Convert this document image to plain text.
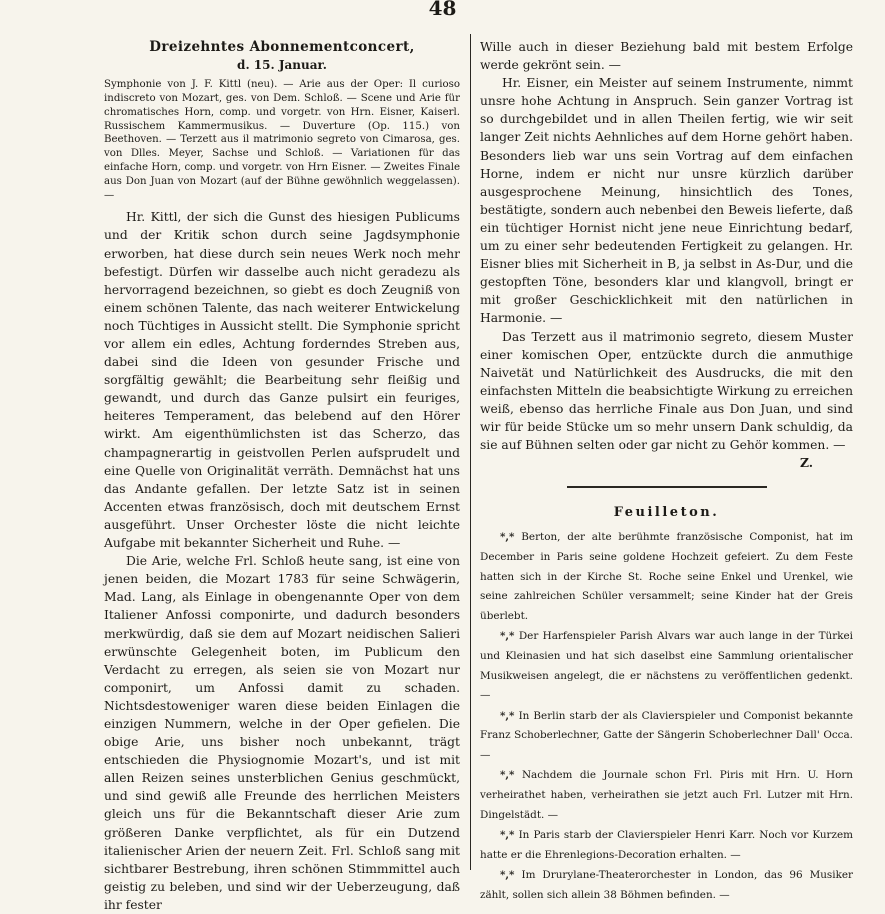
48

Dreizehntes Abonnementconcert,

d. 15. Januar.

Symphonie von J. F. Kittl (neu). — Arie aus der Oper: Il curioso indiscreto von Mozart, ges. von Dem. Schloß. — Scene und Arie für chromatisches Horn, comp. und vorgetr. von Hrn. Eisner, Kaiserl. Russischem Kammermusikus. — Duverture (Op. 115.) von Beethoven. — Terzett aus il matrimonio segreto von Cimarosa, ges. von Dlles. Meyer, Sachse und Schloß. — Variationen für das einfache Horn, comp. und vorgetr. von Hrn Eisner. — Zweites Finale aus Don Juan von Mozart (auf der Bühne gewöhnlich weggelassen). —

Hr. Kittl, der sich die Gunst des hiesigen Publicums und der Kritik schon durch seine Jagdsymphonie erworben, hat diese durch sein neues Werk noch mehr befestigt. Dürfen wir dasselbe auch nicht geradezu als hervorragend bezeichnen, so giebt es doch Zeugniß von einem schönen Talente, das nach weiterer Entwickelung noch Tüchtiges in Aussicht stellt. Die Symphonie spricht vor allem ein edles, Achtung forderndes Streben aus, dabei sind die Ideen von gesunder Frische und sorgfältig gewählt; die Bearbeitung sehr fleißig und gewandt, und durch das Ganze pulsirt ein feuriges, heiteres Temperament, das belebend auf den Hörer wirkt. Am eigenthümlichsten ist das Scherzo, das champagnerartig in geistvollen Perlen aufsprudelt und eine Quelle von Originalität verräth. Demnächst hat uns das Andante gefallen. Der letzte Satz ist in seinen Accenten etwas französisch, doch mit deutschem Ernst ausgeführt. Unser Orchester löste die nicht leichte Aufgabe mit bekannter Sicherheit und Ruhe. —

Die Arie, welche Frl. Schloß heute sang, ist eine von jenen beiden, die Mozart 1783 für seine Schwägerin, Mad. Lang, als Einlage in obengenannte Oper von dem Italiener Anfossi componirte, und dadurch besonders merkwürdig, daß sie dem auf Mozart neidischen Salieri erwünschte Gelegenheit boten, im Publicum den Verdacht zu erregen, als seien sie von Mozart nur componirt, um Anfossi damit zu schaden. Nichtsdestoweniger waren diese beiden Einlagen die einzigen Nummern, welche in der Oper gefielen. Die obige Arie, uns bisher noch unbekannt, trägt entschieden die Physiognomie Mozart's, und ist mit allen Reizen seines unsterblichen Genius geschmückt, und sind gewiß alle Freunde des herrlichen Meisters gleich uns für die Bekanntschaft dieser Arie zum größeren Danke verpflichtet, als für ein Dutzend italienischer Arien der neuern Zeit. Frl. Schloß sang mit sichtbarer Bestrebung, ihren schönen Stimmmittel auch geistig zu beleben, und sind wir der Ueberzeugung, daß ihr fester

Wille auch in dieser Beziehung bald mit bestem Erfolge werde gekrönt sein. —

Hr. Eisner, ein Meister auf seinem Instrumente, nimmt unsre hohe Achtung in Anspruch. Sein ganzer Vortrag ist so durchgebildet und in allen Theilen fertig, wie wir seit langer Zeit nichts Aehnliches auf dem Horne gehört haben. Besonders lieb war uns sein Vortrag auf dem einfachen Horne, indem er nicht nur unsre kürzlich darüber ausgesprochene Meinung, hinsichtlich des Tones, bestätigte, sondern auch nebenbei den Beweis lieferte, daß ein tüchtiger Hornist nicht jene neue Einrichtung bedarf, um zu einer sehr bedeutenden Fertigkeit zu gelangen. Hr. Eisner blies mit Sicherheit in B, ja selbst in As-Dur, und die gestopften Töne, besonders klar und klangvoll, bringt er mit großer Geschicklichkeit mit den natürlichen in Harmonie. —

Das Terzett aus il matrimonio segreto, diesem Muster einer komischen Oper, entzückte durch die anmuthige Naivetät und Natürlichkeit des Ausdrucks, die mit den einfachsten Mitteln die beabsichtigte Wirkung zu erreichen weiß, ebenso das herrliche Finale aus Don Juan, und sind wir für beide Stücke um so mehr unsern Dank schuldig, da sie auf Bühnen selten oder gar nicht zu Gehör kommen. —

Z.

Feuilleton.

*,* Berton, der alte berühmte französische Componist, hat im December in Paris seine goldene Hochzeit gefeiert. Zu dem Feste hatten sich in der Kirche St. Roche seine Enkel und Urenkel, wie seine zahlreichen Schüler versammelt; seine Kinder hat der Greis überlebt.

*,* Der Harfenspieler Parish Alvars war auch lange in der Türkei und Kleinasien und hat sich daselbst eine Sammlung orientalischer Musikweisen angelegt, die er nächstens zu veröffentlichen gedenkt. —

*,* In Berlin starb der als Clavierspieler und Componist bekannte Franz Schoberlechner, Gatte der Sängerin Schoberlechner Dall' Occa. —

*,* Nachdem die Journale schon Frl. Piris mit Hrn. U. Horn verheirathet haben, verheirathen sie jetzt auch Frl. Lutzer mit Hrn. Dingelstädt. —

*,* In Paris starb der Clavierspieler Henri Karr. Noch vor Kurzem hatte er die Ehrenlegions-Decoration erhalten. —

*,* Im Drurylane-Theaterorchester in London, das 96 Musiker zählt, sollen sich allein 38 Böhmen befinden. —
